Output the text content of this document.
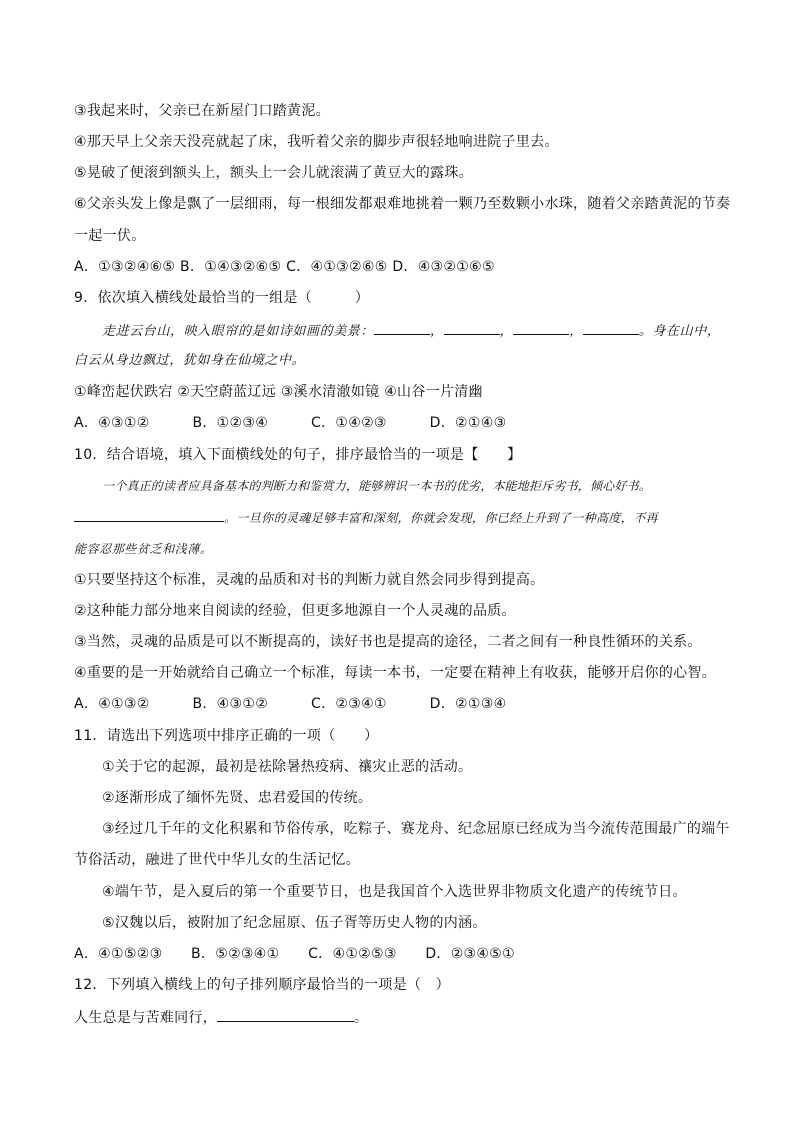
③我起来时，父亲已在新屋门口踏黄泥。
④那天早上父亲天没亮就起了床，我听着父亲的脚步声很轻地响进院子里去。
⑤晃破了便滚到额头上，额头上一会儿就滚满了黄豆大的露珠。
⑥父亲头发上像是飘了一层细雨，每一根细发都艰难地挑着一颗乃至数颗小水珠，随着父亲踏黄泥的节奏
一起一伏。
A．①③②④⑥⑤ B．①④③②⑥⑤ C．④①③②⑥⑤ D．④③②①⑥⑤
9．依次填入横线处最恰当的一组是（　　　）
走进云台山，映入眼帘的是如诗如画的美景：	，	，	，	。身在山中，
白云从身边飘过，犹如身在仙境之中。
①峰峦起伏跌宕 ②天空蔚蓝辽远 ③溪水清澈如镜 ④山谷一片清幽
A．④③①②　　　B．①②③④　　　C．①④②③　　　D．②①④③
10．结合语境，填入下面横线处的句子，排序最恰当的一项是【　　】
一个真正的读者应具备基本的判断力和鉴赏力，能够辨识一本书的优劣，本能地拒斥劣书，倾心好书。
。一旦你的灵魂足够丰富和深刻，你就会发现，你已经上升到了一种高度，不再
能容忍那些贫乏和浅薄。
①只要坚持这个标准，灵魂的品质和对书的判断力就自然会同步得到提高。
②这种能力部分地来自阅读的经验，但更多地源自一个人灵魂的品质。
③当然，灵魂的品质是可以不断提高的，读好书也是提高的途径，二者之间有一种良性循环的关系。
④重要的是一开始就给自己确立一个标准，每读一本书，一定要在精神上有收获，能够开启你的心智。
A．④①③②　　　B．④③①②　　　C．②③④①　　　D．②①③④
11．请选出下列选项中排序正确的一项（　　）
①关于它的起源，最初是祛除暑热疫病、禳灾止恶的活动。
②逐渐形成了缅怀先贤、忠君爱国的传统。
③经过几千年的文化积累和节俗传承，吃粽子、赛龙舟、纪念屈原已经成为当今流传范围最广的端午
节俗活动，融进了世代中华儿女的生活记忆。
④端午节，是入夏后的第一个重要节日，也是我国首个入选世界非物质文化遗产的传统节日。
⑤汉魏以后，被附加了纪念屈原、伍子胥等历史人物的内涵。
A．④①⑤②③　　B．⑤②③④①　　C．④①②⑤③　　D．②③④⑤①
12．下列填入横线上的句子排列顺序最恰当的一项是（　）
人生总是与苦难同行，	。
